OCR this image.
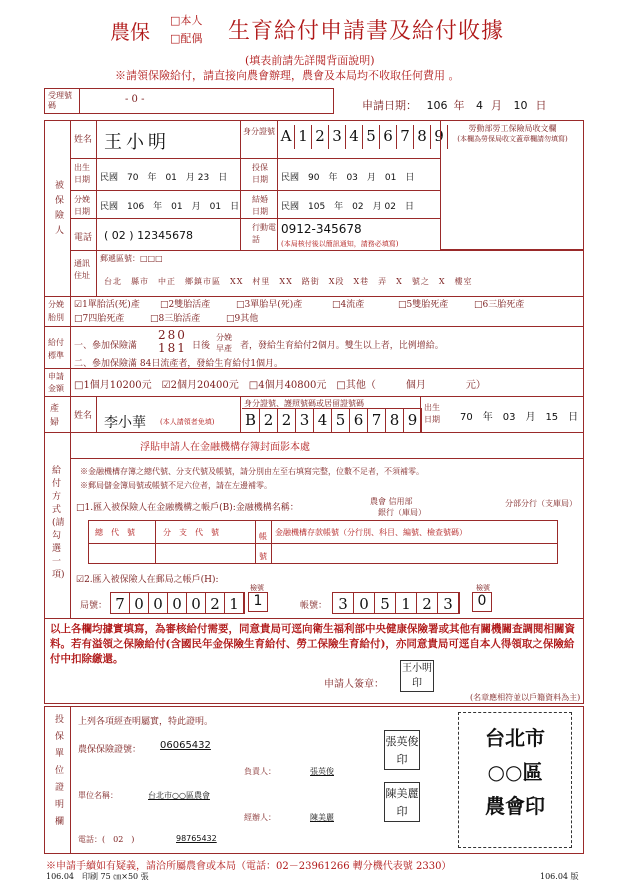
農保 □本人
□配偶 生育給付申請書及給付收據
(填表前請先詳閱背面說明)
※請領保險給付，請直接向農會辦理，農會及本局均不收取任何費用 。
受理號碼
- 0 -	申請日期： 106 年 4 月 10 日
被保險人
姓名 王小明
身分證號 A 1 2 3 4 5 6 7 8 9	勞動部勞工保險局收文欄
(本欄為勞保局收文蓋章欄請勿填寫)
出生日期	民國　70　年　01　月 23　日
投保日期	民國　90　年　03　月　01　日
分娩日期	民國　106　年　01　月　01　日
結婚日期	民國　105　年　02　月 02　日
電話 ( 02 ) 12345678
行動電話
0912-345678
(本局核付後以簡訊通知，請務必填寫)
通訊住址
郵遞區號：□□□
台北　縣市　中正　鄉鎮市區　XX　村里　XX　路街　X段　X巷　弄　X　號之　X　樓室
分娩胎別
☑1單胎活(死)產 □2雙胎活產	□3單胎早(死)產	□4流產	□5雙胎死產	□6三胎死產
□7四胎死產	□8三胎活產	□9其他
給付標準
一、參加保險滿
280
181 日後
分娩早產 者，發給生育給付2個月。雙生以上者，比例增給。
二、參加保險滿 84日流產者，發給生育給付1個月。
申請金額	□1個月10200元　☑2個月20400元　□4個月40800元　□其他（　　　個月　　　　元）
產婦
姓名 李小華 (本人請領者免填)
身分證號、護照號碼或居留證號碼
B 2 2 3 4 5 6 7 8 9
出生日期	70　年　03　月　15　日
給付方式(請勾選一項)
浮貼申請人在金融機構存簿封面影本處
※金融機構存簿之總代號、分支代號及帳號，請分別由左至右填寫完整，位數不足者，不須補零。
※郵局儲金簿局號或帳號不足六位者，請在左邊補零。
□1.匯入被保險人在金融機構之帳戶(B):金融機構名稱：
農會 信用部
銀行（庫局）
分部分行（支庫局）
總　代　號	分　支　代　號	帳號
金融機構存款帳號（分行別、科目、編號、檢查號碼）
☑2.匯入被保險人在郵局之帳戶(H):
局號： 7 0 0 0 0 2 1
檢號
1	帳號： 3 0 5 1 2 3
檢號
0
以上各欄均據實填寫，為審核給付需要，同意貴局可逕向衛生福利部中央健康保險署或其他有關機關查調閱相關資料。若有溢領之保險給付(含國民年金保險生育給付、勞工保險生育給付)，亦同意貴局可逕自本人得領取之保險給付中扣除繳還。
申請人簽章：
王小明印
(名章應相符並以戶籍資料為主)
投保單位證明欄 上列各項經查明屬實，特此證明。
農保保險證號： 06065432
負責人：	張英俊
張英俊印
單位名稱：	台北市○○區農會
經辦人：	陳美麗
陳美麗印
電話：(　02　)	98765432
台北市
○○區
農會印
※申請手續如有疑義，請洽所屬農會或本局（電話：02－23961266 轉分機代表號 2330）
106.04　印刷 75 ㎝×50 張	106.04 版
